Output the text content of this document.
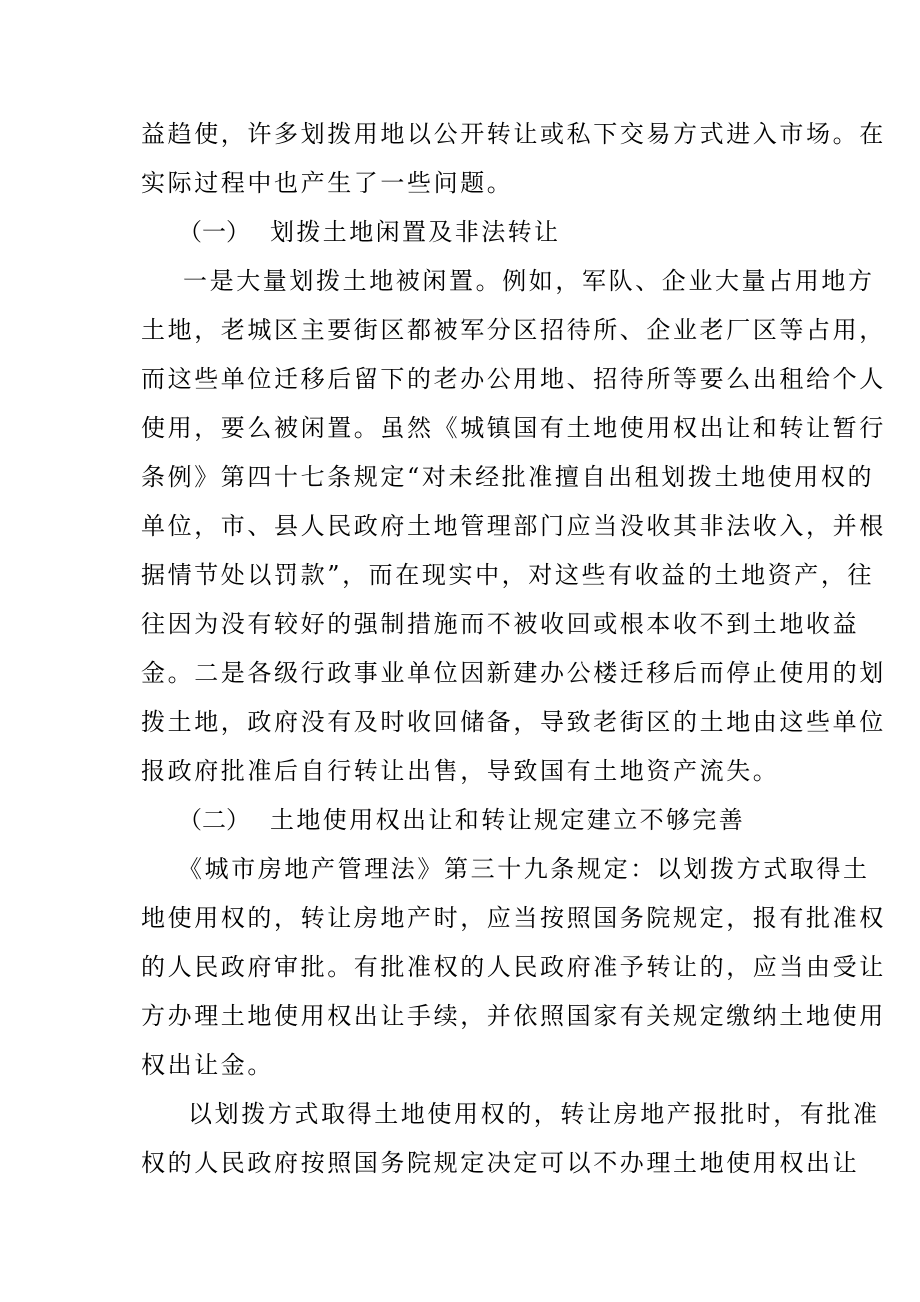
益趋使，许多划拨用地以公开转让或私下交易方式进入市场。在
实际过程中也产生了一些问题。
（一） 划拨土地闲置及非法转让
一是大量划拨土地被闲置。例如，军队、企业大量占用地方
土地，老城区主要街区都被军分区招待所、企业老厂区等占用，
而这些单位迁移后留下的老办公用地、招待所等要么出租给个人
使用，要么被闲置。虽然《城镇国有土地使用权出让和转让暂行
条例》第四十七条规定“对未经批准擅自出租划拨土地使用权的
单位，市、县人民政府土地管理部门应当没收其非法收入，并根
据情节处以罚款”，而在现实中，对这些有收益的土地资产，往
往因为没有较好的强制措施而不被收回或根本收不到土地收益
金。二是各级行政事业单位因新建办公楼迁移后而停止使用的划
拨土地，政府没有及时收回储备，导致老街区的土地由这些单位
报政府批准后自行转让出售，导致国有土地资产流失。
（二） 土地使用权出让和转让规定建立不够完善
《城市房地产管理法》第三十九条规定：以划拨方式取得土
地使用权的，转让房地产时，应当按照国务院规定，报有批准权
的人民政府审批。有批准权的人民政府准予转让的，应当由受让
方办理土地使用权出让手续，并依照国家有关规定缴纳土地使用
权出让金。
以划拨方式取得土地使用权的，转让房地产报批时，有批准
权的人民政府按照国务院规定决定可以不办理土地使用权出让
